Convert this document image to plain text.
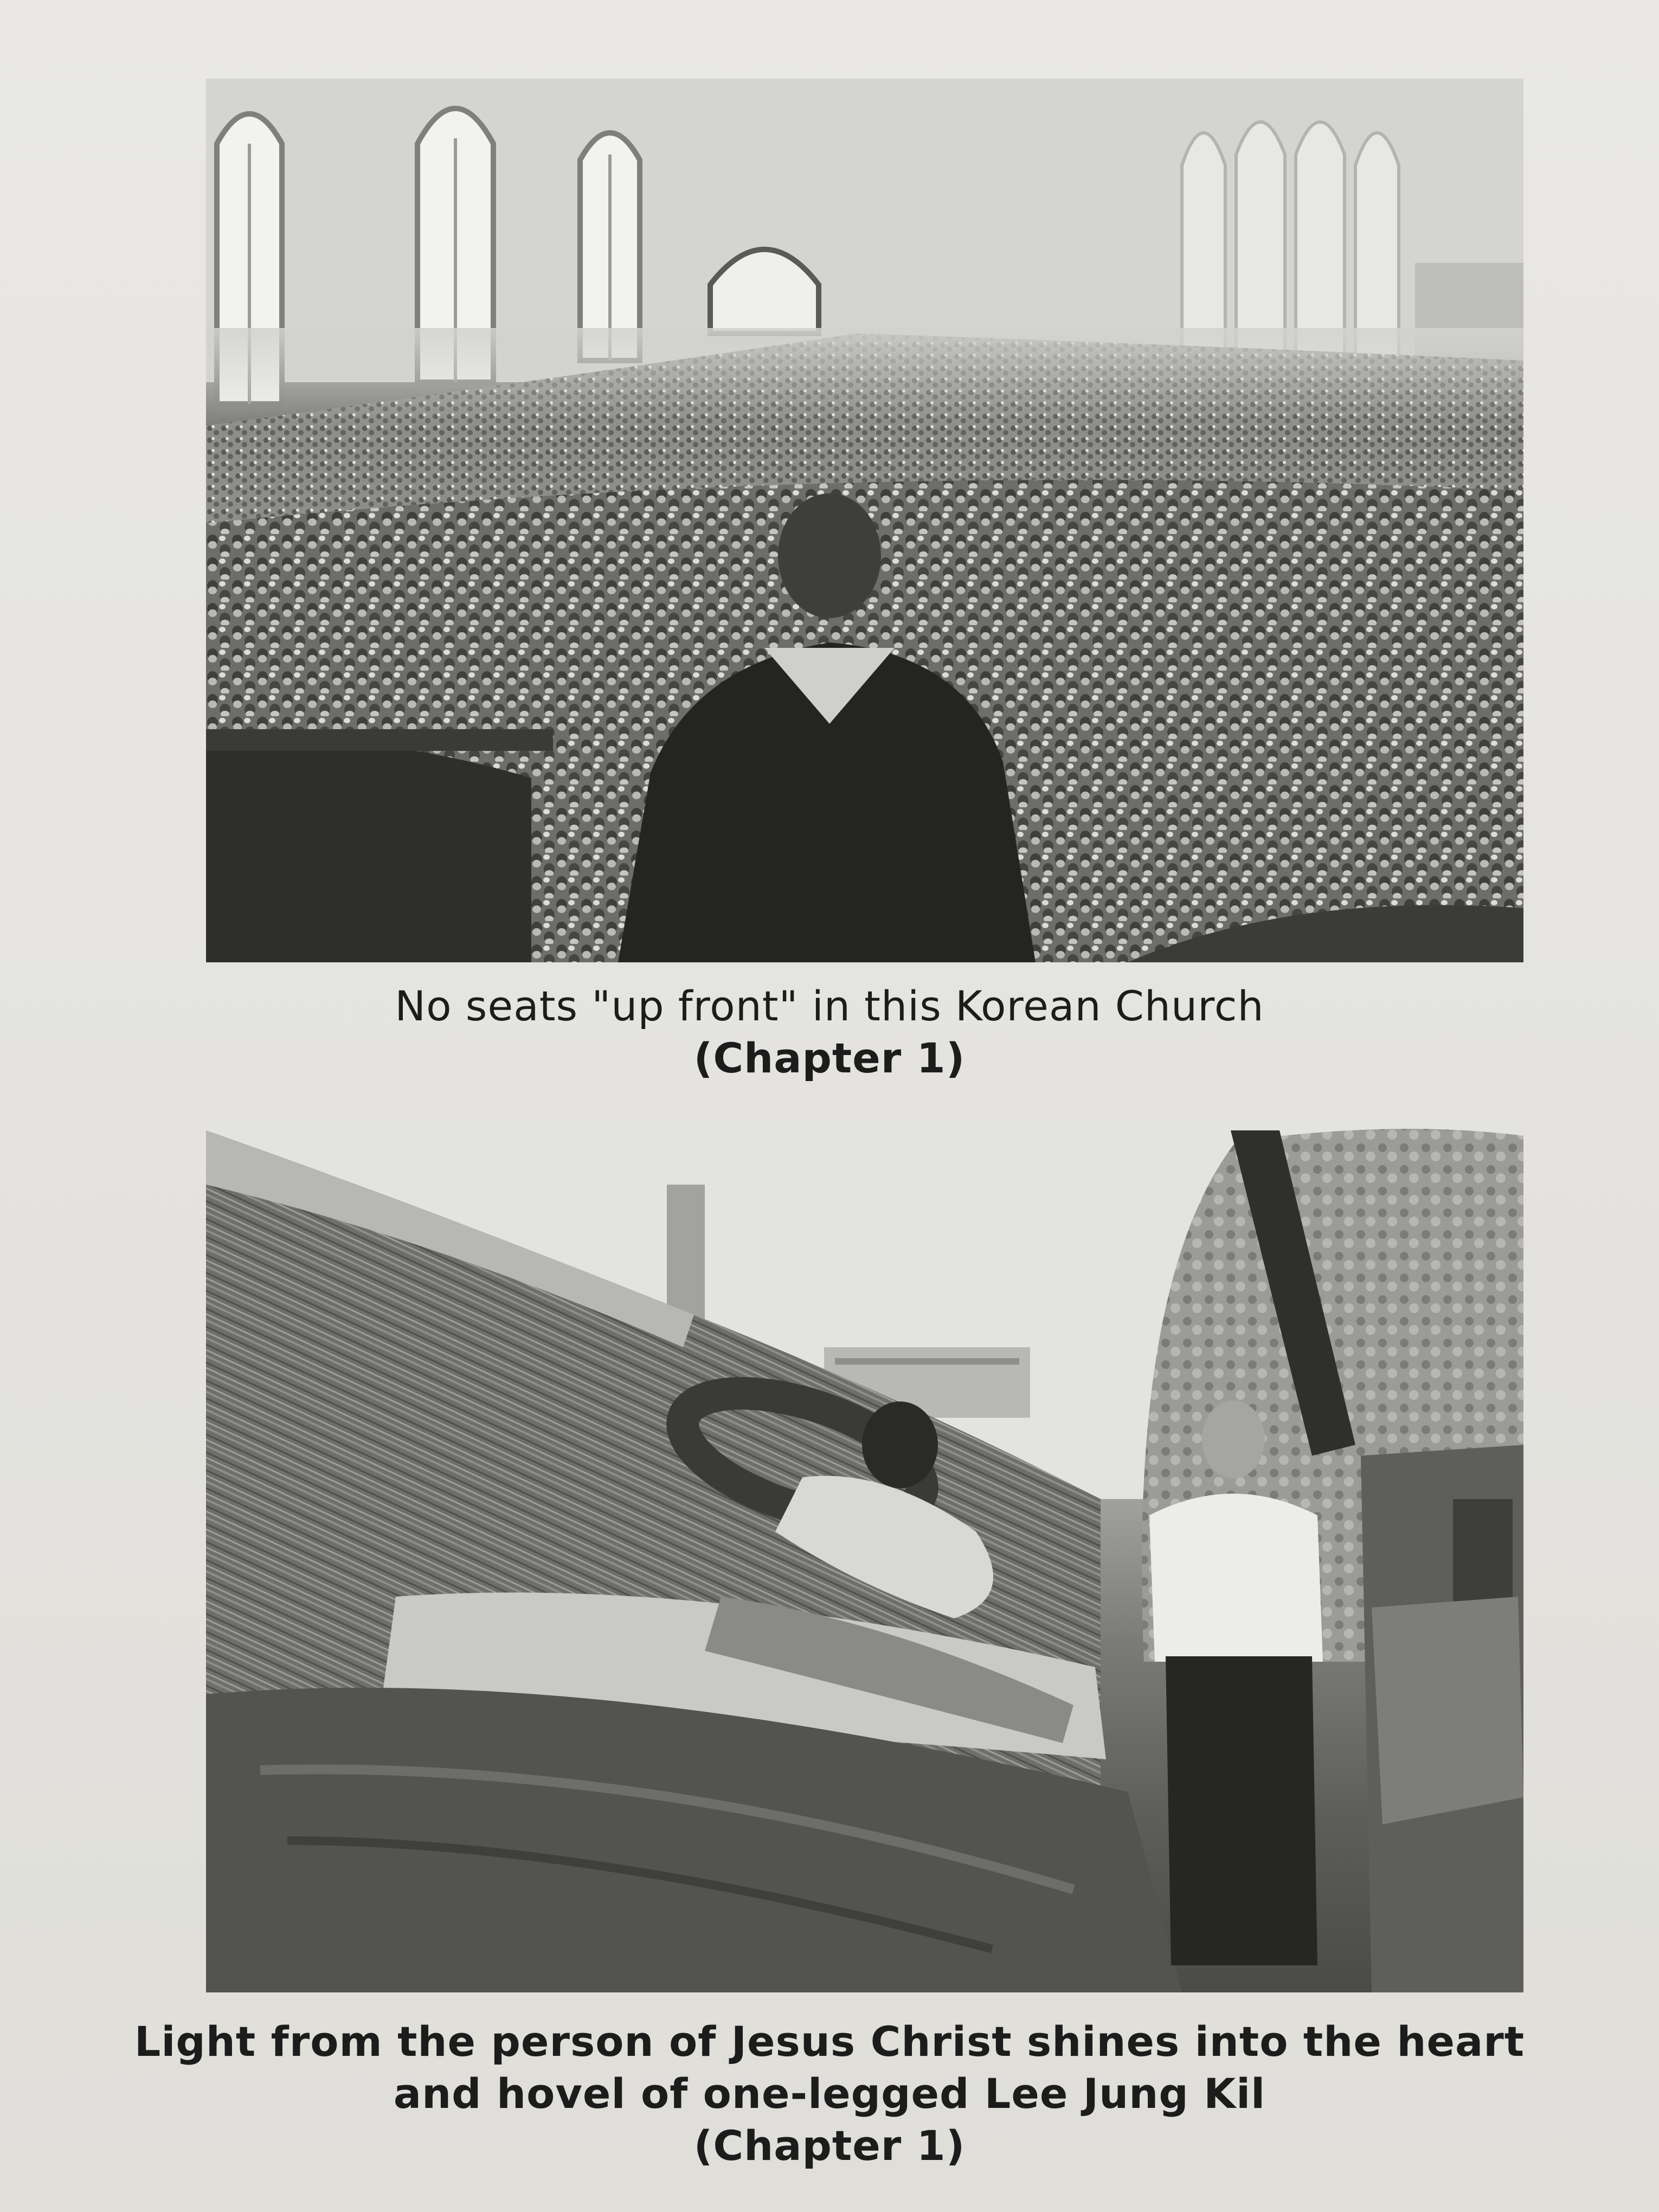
No seats "up front" in this Korean Church
(Chapter 1)
Light from the person of Jesus Christ shines into the heart
and hovel of one-legged Lee Jung Kil
(Chapter 1)
